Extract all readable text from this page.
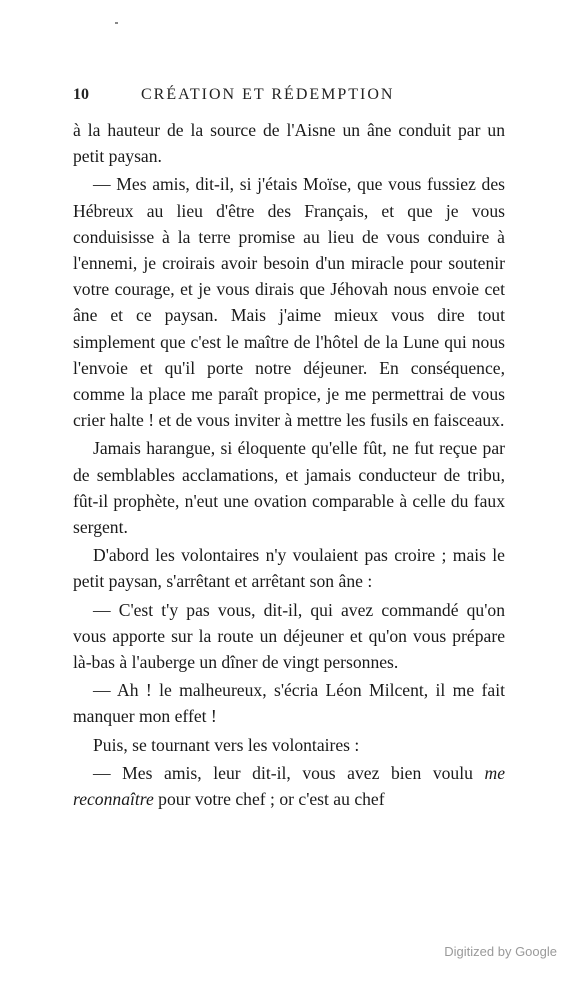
10	CRÉATION ET RÉDEMPTION

à la hauteur de la source de l'Aisne un âne conduit par un petit paysan.

— Mes amis, dit-il, si j'étais Moïse, que vous fussiez des Hébreux au lieu d'être des Français, et que je vous conduisisse à la terre promise au lieu de vous conduire à l'ennemi, je croirais avoir besoin d'un miracle pour soutenir votre courage, et je vous dirais que Jéhovah nous envoie cet âne et ce paysan. Mais j'aime mieux vous dire tout simplement que c'est le maître de l'hôtel de la Lune qui nous l'envoie et qu'il porte notre déjeuner. En conséquence, comme la place me paraît propice, je me permettrai de vous crier halte ! et de vous inviter à mettre les fusils en faisceaux.

Jamais harangue, si éloquente qu'elle fût, ne fut reçue par de semblables acclamations, et jamais conducteur de tribu, fût-il prophète, n'eut une ovation comparable à celle du faux sergent.

D'abord les volontaires n'y voulaient pas croire ; mais le petit paysan, s'arrêtant et arrêtant son âne :

— C'est t'y pas vous, dit-il, qui avez commandé qu'on vous apporte sur la route un déjeuner et qu'on vous prépare là-bas à l'auberge un dîner de vingt personnes.

— Ah ! le malheureux, s'écria Léon Milcent, il me fait manquer mon effet !

Puis, se tournant vers les volontaires :

— Mes amis, leur dit-il, vous avez bien voulu me reconnaître pour votre chef ; or c'est au chef

Digitized by Google
